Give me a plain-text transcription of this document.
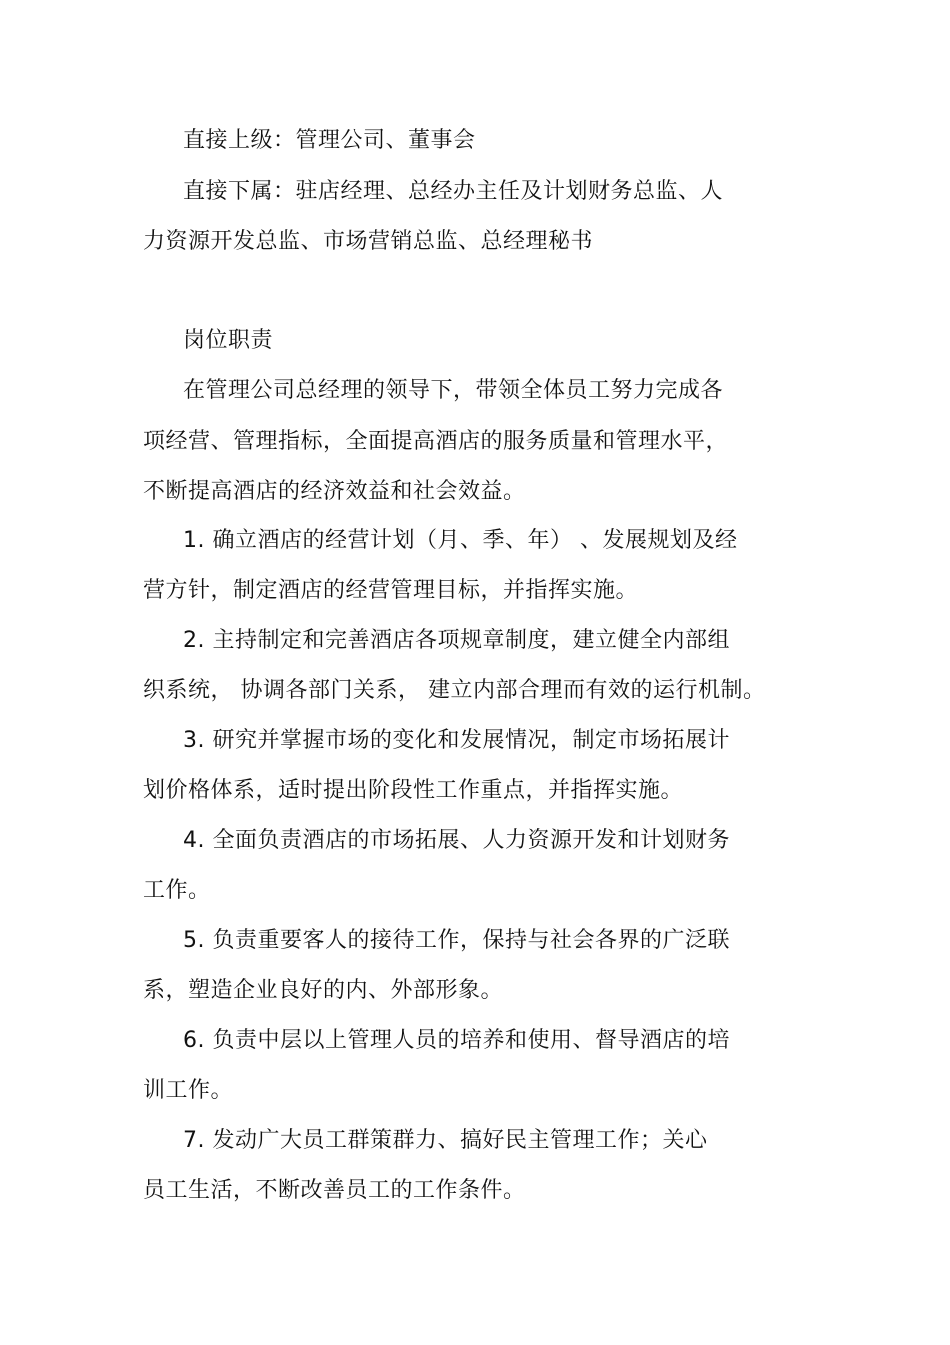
直接上级：管理公司、董事会
直接下属：驻店经理、总经办主任及计划财务总监、人
力资源开发总监、市场营销总监、总经理秘书
岗位职责
在管理公司总经理的领导下，带领全体员工努力完成各
项经营、管理指标，全面提高酒店的服务质量和管理水平，
不断提高酒店的经济效益和社会效益。
1. 确立酒店的经营计划（月、季、年） 、发展规划及经
营方针，制定酒店的经营管理目标，并指挥实施。
2. 主持制定和完善酒店各项规章制度，建立健全内部组
织系统， 协调各部门关系， 建立内部合理而有效的运行机制。
3. 研究并掌握市场的变化和发展情况，制定市场拓展计
划价格体系，适时提出阶段性工作重点，并指挥实施。
4. 全面负责酒店的市场拓展、人力资源开发和计划财务
工作。
5. 负责重要客人的接待工作，保持与社会各界的广泛联
系，塑造企业良好的内、外部形象。
6. 负责中层以上管理人员的培养和使用、督导酒店的培
训工作。
7. 发动广大员工群策群力、搞好民主管理工作；关心
员工生活，不断改善员工的工作条件。
